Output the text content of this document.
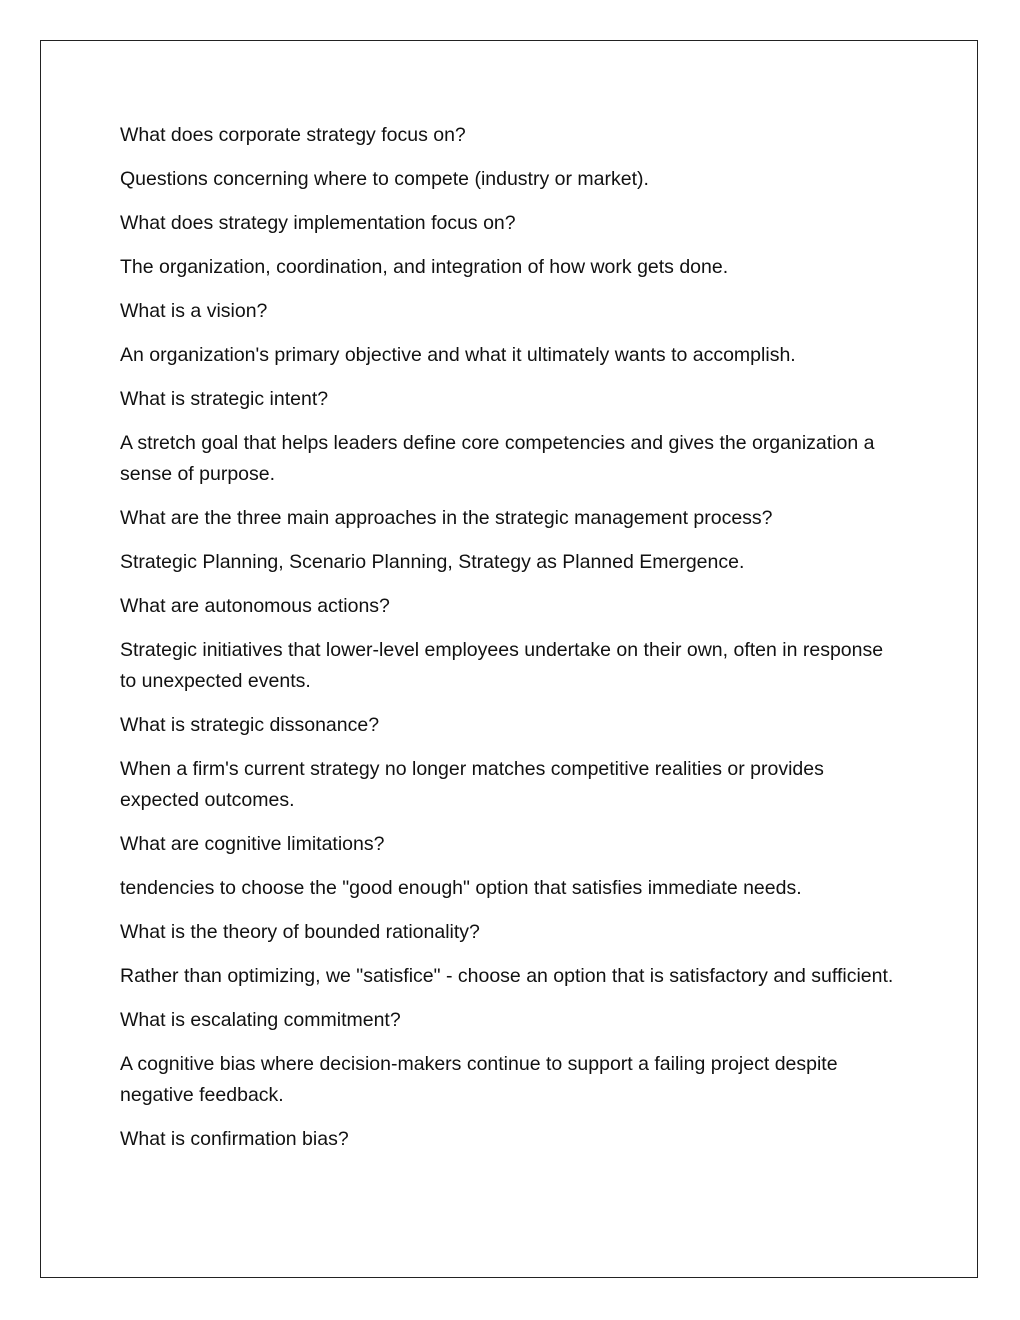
What does corporate strategy focus on?

Questions concerning where to compete (industry or market).

What does strategy implementation focus on?

The organization, coordination, and integration of how work gets done.

What is a vision?

An organization's primary objective and what it ultimately wants to accomplish.

What is strategic intent?

A stretch goal that helps leaders define core competencies and gives the organization a sense of purpose.

What are the three main approaches in the strategic management process?

Strategic Planning, Scenario Planning, Strategy as Planned Emergence.

What are autonomous actions?

Strategic initiatives that lower-level employees undertake on their own, often in response to unexpected events.

What is strategic dissonance?

When a firm's current strategy no longer matches competitive realities or provides expected outcomes.

What are cognitive limitations?

tendencies to choose the "good enough" option that satisfies immediate needs.

What is the theory of bounded rationality?

Rather than optimizing, we "satisfice" - choose an option that is satisfactory and sufficient.

What is escalating commitment?

A cognitive bias where decision-makers continue to support a failing project despite negative feedback.

What is confirmation bias?
